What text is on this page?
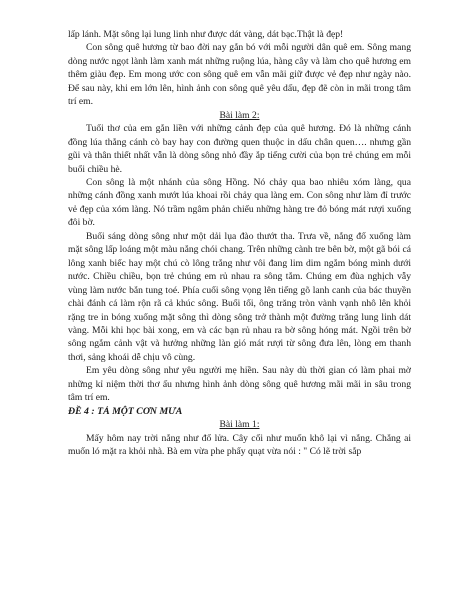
lấp lánh. Mặt sông lại lung linh như được dát vàng, dát bạc.Thật là đẹp!

Con sông quê hương từ bao đời nay gắn bó với mỗi người dân quê em. Sông mang dòng nước ngọt lành làm xanh mát những ruộng lúa, hàng cây và làm cho quê hương em thêm giàu đẹp. Em mong ước con sông quê em vẫn mãi giữ được vẻ đẹp như ngày nào. Để sau này, khi em lớn lên, hình ảnh con sông quê yêu dấu, đẹp đẽ còn in mãi trong tâm trí em.

Bài làm 2:

Tuổi thơ của em gắn liền với những cảnh đẹp của quê hương. Đó là những cánh đồng lúa thẳng cánh cò bay hay con đường quen thuộc in dấu chân quen…. nhưng gần gũi và thân thiết nhất vẫn là dòng sông nhỏ đầy ắp tiếng cười của bọn trẻ chúng em mỗi buổi chiều hè.

Con sông là một nhánh của sông Hồng. Nó chảy qua bao nhiêu xóm làng, qua những cánh đồng xanh mướt lúa khoai rồi chảy qua làng em. Con sông như làm đỉ trước vẻ đẹp của xóm làng. Nó trầm ngâm phản chiếu những hàng tre đỏ bóng mát rượi xuống đôi bờ.

Buổi sáng dòng sông như một dải lụa đào thướt tha. Trưa về, nắng đổ xuống làm mặt sông lấp loáng một màu nắng chói chang. Trên những cành tre bên bờ, một gã bói cá lông xanh biếc hay một chú cò lông trắng như vôi đang lim dim ngắm bóng mình dưới nước. Chiều chiều, bọn trẻ chúng em rủ nhau ra sông tắm. Chúng em đùa nghịch vẫy vùng làm nước bắn tung toé. Phía cuối sông vọng lên tiếng gõ lanh canh của bác thuyền chài đánh cá làm rộn rã cả khúc sông. Buổi tối, ông trăng tròn vành vạnh nhô lên khỏi rặng tre in bóng xuống mặt sông thì dòng sông trở thành một đường trăng lung linh dát vàng. Mỗi khi học bài xong, em và các bạn rủ nhau ra bờ sông hóng mát. Ngồi trên bờ sông ngắm cảnh vật và hưởng những làn gió mát rượi từ sông đưa lên, lòng em thanh thơi, sảng khoái dễ chịu vô cùng.

Em yêu dòng sông như yêu người mẹ hiền. Sau này dù thời gian có làm phai mờ những kỉ niệm thời thơ ấu nhưng hình ảnh dòng sông quê hương mãi mãi in sâu trong tâm trí em.

ĐỀ 4 : TẢ MỘT CƠN MƯA

Bài làm 1:

Mấy hôm nay trời nắng như đổ lửa. Cây cối như muốn khô lại vì nắng. Chẳng ai muốn ló mặt ra khỏi nhà. Bà em vừa phe phẩy quạt vừa nói : " Có lẽ trời sắp
